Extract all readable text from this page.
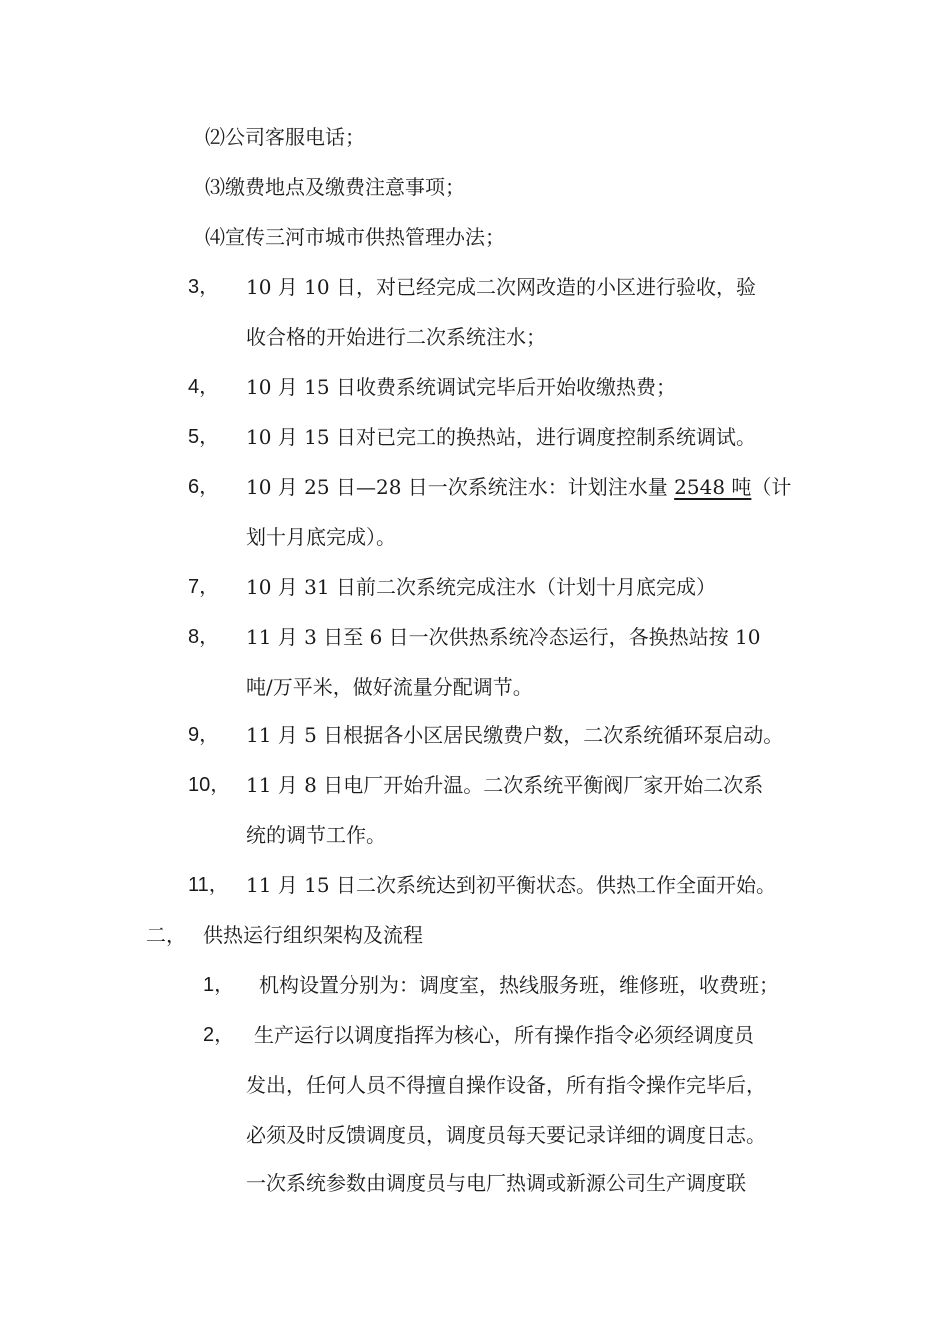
⑵公司客服电话；
⑶缴费地点及缴费注意事项；
⑷宣传三河市城市供热管理办法；
3， 10 月 10 日，对已经完成二次网改造的小区进行验收，验
收合格的开始进行二次系统注水；
4， 10 月 15 日收费系统调试完毕后开始收缴热费；
5， 10 月 15 日对已完工的换热站，进行调度控制系统调试。
6， 10 月 25 日—28 日一次系统注水：计划注水量 2548 吨（计
划十月底完成）。
7， 10 月 31 日前二次系统完成注水（计划十月底完成）
8， 11 月 3 日至 6 日一次供热系统冷态运行，各换热站按 10
吨/万平米，做好流量分配调节。
9， 11 月 5 日根据各小区居民缴费户数，二次系统循环泵启动。
10， 11 月 8 日电厂开始升温。二次系统平衡阀厂家开始二次系
统的调节工作。
11， 11 月 15 日二次系统达到初平衡状态。供热工作全面开始。
二， 供热运行组织架构及流程
1， 机构设置分别为：调度室，热线服务班，维修班，收费班；
2， 生产运行以调度指挥为核心，所有操作指令必须经调度员
发出，任何人员不得擅自操作设备，所有指令操作完毕后，
必须及时反馈调度员，调度员每天要记录详细的调度日志。
一次系统参数由调度员与电厂热调或新源公司生产调度联
